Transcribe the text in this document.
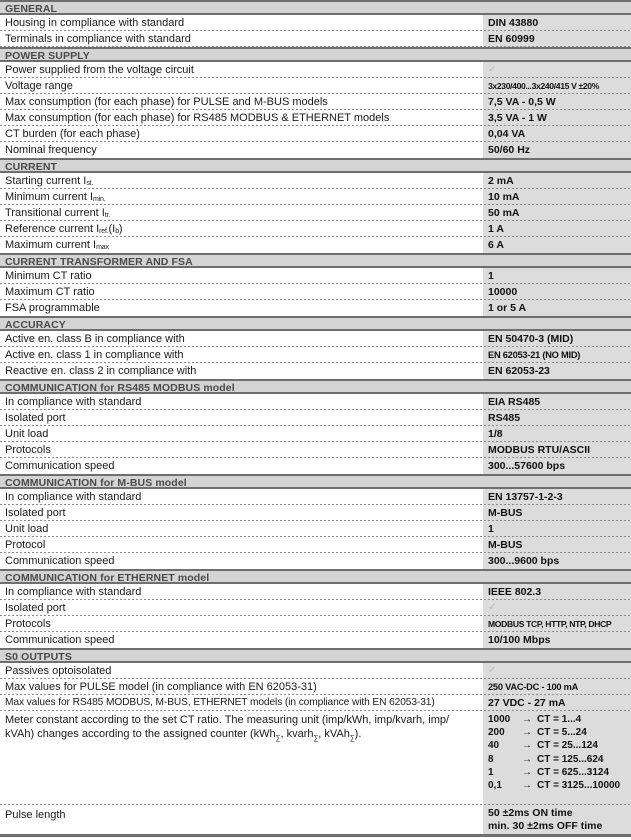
GENERAL
Housing in compliance with standard	DIN 43880
Terminals in compliance with standard	EN 60999
POWER SUPPLY
Power supplied from the voltage circuit	✓
Voltage range	3x230/400...3x240/415 V ±20%
Max consumption (for each phase) for PULSE and M-BUS models	7,5 VA - 0,5 W
Max consumption (for each phase) for RS485 MODBUS & ETHERNET models	3,5 VA - 1 W
CT burden (for each phase)	0,04 VA
Nominal frequency	50/60 Hz
CURRENT
Starting current $I_{st.}$	2 mA
Minimum current $I_{min.}$	10 mA
Transitional current $I_{tr.}$	50 mA
Reference current $I_{ref.}$ ($I_b$ )	1 A
Maximum current $I_{max}$	6 A
CURRENT TRANSFORMER AND FSA
Minimum CT ratio	1
Maximum CT ratio	10000
FSA programmable	1 or 5 A
ACCURACY
Active en. class B in compliance with	EN 50470-3 (MID)
Active en. class 1 in compliance with	EN 62053-21 (NO MID)
Reactive en. class 2 in compliance with	EN 62053-23
COMMUNICATION for RS485 MODBUS model
In compliance with standard	EIA RS485
Isolated port	RS485
Unit load	1/8
Protocols	MODBUS RTU/ASCII
Communication speed	300...57600 bps
COMMUNICATION for M-BUS model
In compliance with standard	EN 13757-1-2-3
Isolated port	M-BUS
Unit load	1
Protocol	M-BUS
Communication speed	300...9600 bps
COMMUNICATION for ETHERNET model
In compliance with standard	IEEE 802.3
Isolated port	✓
Protocols	MODBUS TCP, HTTP, NTP, DHCP
Communication speed	10/100 Mbps
S0 OUTPUTS
Passives optoisolated	✓
Max values for PULSE model (in compliance with EN 62053-31)	250 VAC-DC - 100 mA
Max values for RS485 MODBUS, M-BUS, ETHERNET models (in compliance with EN 62053-31)	27 VDC - 27 mA
Meter constant according to the set CT ratio. The measuring unit (imp/kWh, imp/kvarh, imp/
kVAh) changes according to the assigned counter (kWh$_\sum$, kvarh$_\sum$, kVAh$_\sum$).
1000 → CT = 1...4
200 → CT = 5...24
40 → CT = 25...124
8	→ CT = 125...624
1	→ CT = 625...3124
0,1 → CT = 3125...10000
Pulse length	50 ±2ms ON time
min. 30 ±2ms OFF time
